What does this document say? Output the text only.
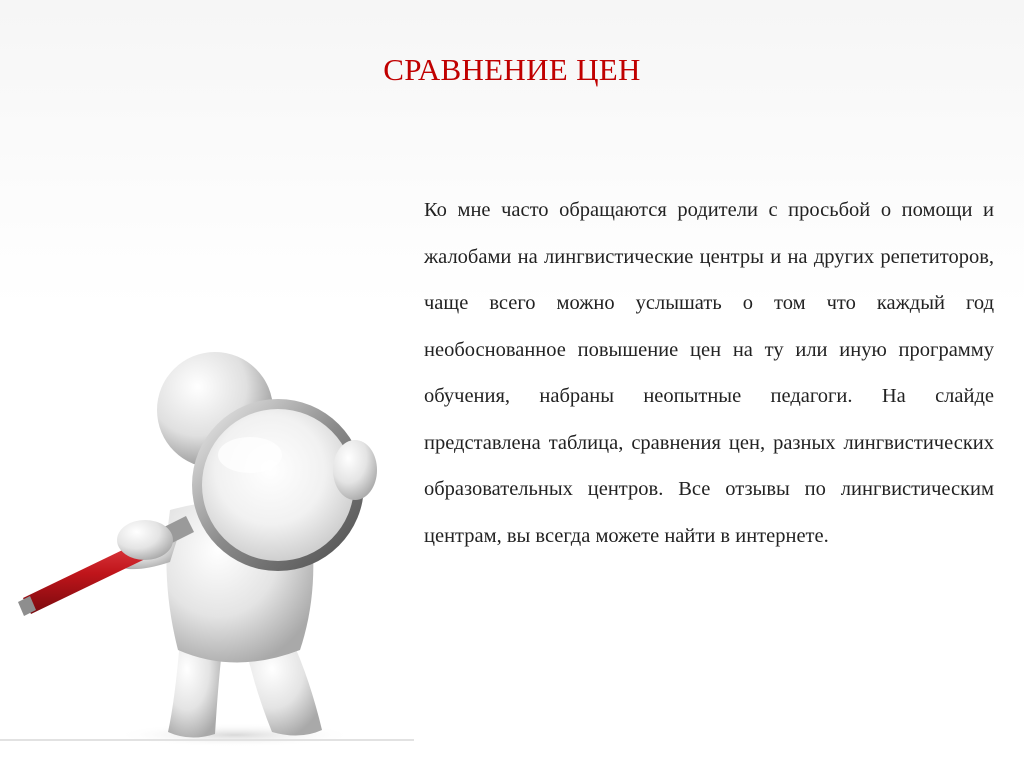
СРАВНЕНИЕ ЦЕН
Ко мне часто обращаются родители с просьбой о помощи и жалобами на лингвистические центры и на других репетиторов, чаще всего можно услышать о том что каждый год необоснованное повышение цен на ту или иную программу обучения, набраны неопытные педагоги. На слайде представлена таблица, сравнения цен, разных лингвистических образовательных центров. Все отзывы по лингвистическим центрам, вы всегда можете найти в интернете.
